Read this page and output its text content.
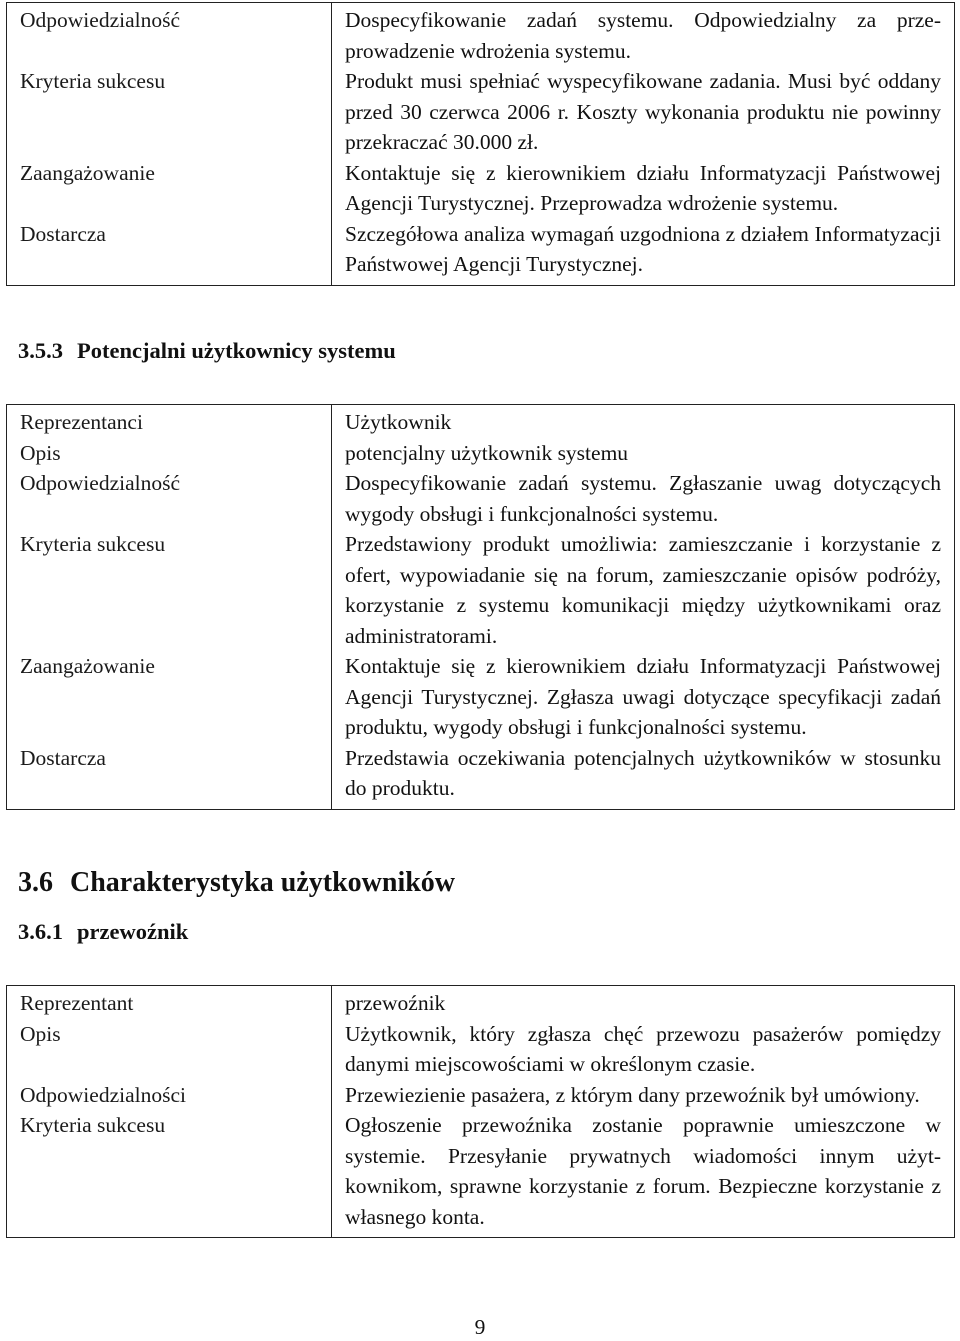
Odpowiedzialność	Dospecyfikowanie zadań systemu. Odpowiedzialny za przeprowadzenie wdrożenia systemu.
Kryteria sukcesu	Produkt musi spełniać wyspecyfikowane zadania. Musi być oddany przed 30 czerwca 2006 r. Koszty wykonania produktu nie powinny przekraczać 30.000 zł.
Zaangażowanie	Kontaktuje się z kierownikiem działu Informatyzacji Państwowej Agencji Turystycznej. Przeprowadza wdrożenie systemu.
Dostarcza	Szczegółowa analiza wymagań uzgodniona z działem Informatyzacji Państwowej Agencji Turystycznej.
3.5.3 Potencjalni użytkownicy systemu
Reprezentanci	Użytkownik
Opis	potencjalny użytkownik systemu
Odpowiedzialność	Dospecyfikowanie zadań systemu. Zgłaszanie uwag dotyczących wygody obsługi i funkcjonalności systemu.
Kryteria sukcesu	Przedstawiony produkt umożliwia: zamieszczanie i korzystanie z ofert, wypowiadanie się na forum, zamieszczanie opisów podróży, korzystanie z systemu komunikacji między użytkownikami oraz administratorami.
Zaangażowanie	Kontaktuje się z kierownikiem działu Informatyzacji Państwowej Agencji Turystycznej. Zgłasza uwagi dotyczące specyfikacji zadań produktu, wygody obsługi i funkcjonalności systemu.
Dostarcza	Przedstawia oczekiwania potencjalnych użytkowników w stosunku do produktu.
3.6 Charakterystyka użytkowników
3.6.1 przewoźnik
Reprezentant	przewoźnik
Opis	Użytkownik, który zgłasza chęć przewozu pasażerów pomiędzy danymi miejscowościami w określonym czasie.
Odpowiedzialności	Przewiezienie pasażera, z którym dany przewoźnik był umówiony.
Kryteria sukcesu	Ogłoszenie przewoźnika zostanie poprawnie umieszczone w systemie. Przesyłanie prywatnych wiadomości innym użytkownikom, sprawne korzystanie z forum. Bezpieczne korzystanie z własnego konta.
9
